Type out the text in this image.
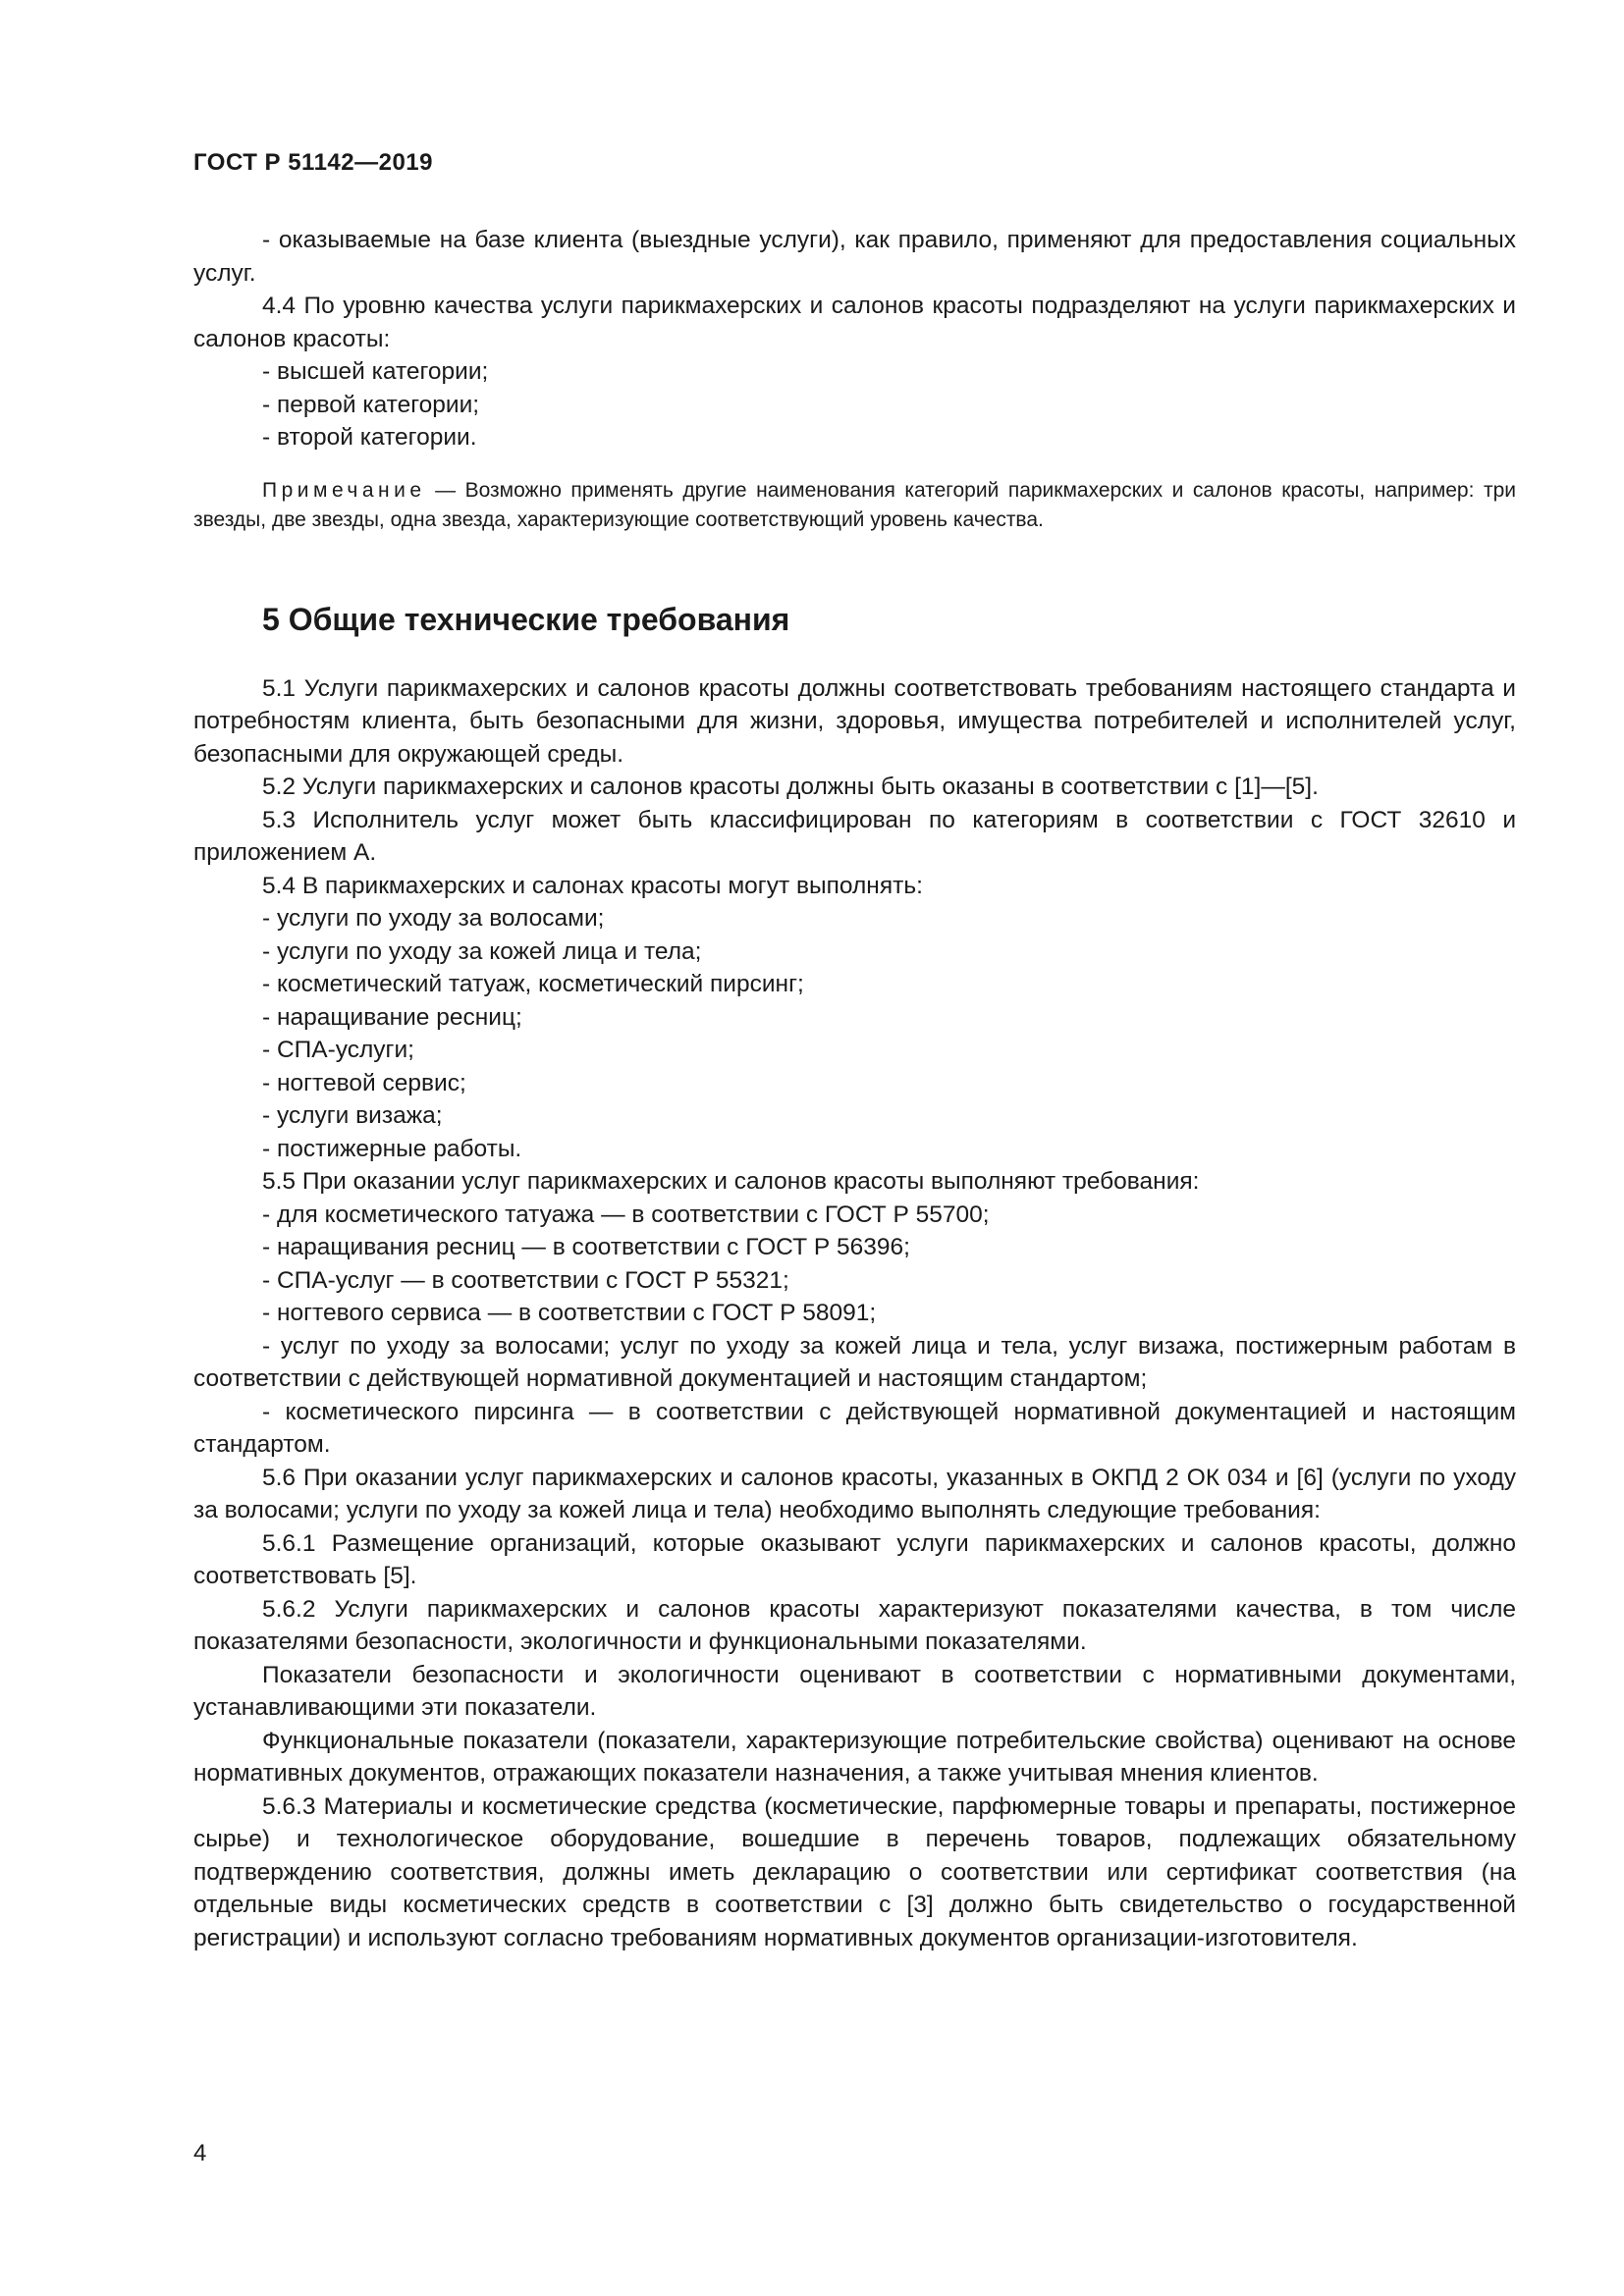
ГОСТ Р 51142—2019

- оказываемые на базе клиента (выездные услуги), как правило, применяют для предоставления социальных услуг.

4.4 По уровню качества услуги парикмахерских и салонов красоты подразделяют на услуги парикмахерских и салонов красоты:

- высшей категории;

- первой категории;

- второй категории.

Примечание — Возможно применять другие наименования категорий парикмахерских и салонов красоты, например: три звезды, две звезды, одна звезда, характеризующие соответствующий уровень качества.

5 Общие технические требования

5.1 Услуги парикмахерских и салонов красоты должны соответствовать требованиям настоящего стандарта и потребностям клиента, быть безопасными для жизни, здоровья, имущества потребителей и исполнителей услуг, безопасными для окружающей среды.

5.2 Услуги парикмахерских и салонов красоты должны быть оказаны в соответствии с [1]—[5].

5.3 Исполнитель услуг может быть классифицирован по категориям в соответствии с ГОСТ 32610 и приложением А.

5.4 В парикмахерских и салонах красоты могут выполнять:

- услуги по уходу за волосами;

- услуги по уходу за кожей лица и тела;

- косметический татуаж, косметический пирсинг;

- наращивание ресниц;

- СПА-услуги;

- ногтевой сервис;

- услуги визажа;

- постижерные работы.

5.5 При оказании услуг парикмахерских и салонов красоты выполняют требования:

- для косметического татуажа — в соответствии с ГОСТ Р 55700;

- наращивания ресниц — в соответствии с ГОСТ Р 56396;

- СПА-услуг — в соответствии с ГОСТ Р 55321;

- ногтевого сервиса — в соответствии с ГОСТ Р 58091;

- услуг по уходу за волосами; услуг по уходу за кожей лица и тела, услуг визажа, постижерным работам в соответствии с действующей нормативной документацией и настоящим стандартом;

- косметического пирсинга — в соответствии с действующей нормативной документацией и настоящим стандартом.

5.6 При оказании услуг парикмахерских и салонов красоты, указанных в ОКПД 2 ОК 034 и [6] (услуги по уходу за волосами; услуги по уходу за кожей лица и тела) необходимо выполнять следующие требования:

5.6.1 Размещение организаций, которые оказывают услуги парикмахерских и салонов красоты, должно соответствовать [5].

5.6.2 Услуги парикмахерских и салонов красоты характеризуют показателями качества, в том числе показателями безопасности, экологичности и функциональными показателями.

Показатели безопасности и экологичности оценивают в соответствии с нормативными документами, устанавливающими эти показатели.

Функциональные показатели (показатели, характеризующие потребительские свойства) оценивают на основе нормативных документов, отражающих показатели назначения, а также учитывая мнения клиентов.

5.6.3 Материалы и косметические средства (косметические, парфюмерные товары и препараты, постижерное сырье) и технологическое оборудование, вошедшие в перечень товаров, подлежащих обязательному подтверждению соответствия, должны иметь декларацию о соответствии или сертификат соответствия (на отдельные виды косметических средств в соответствии с [3] должно быть свидетельство о государственной регистрации) и используют согласно требованиям нормативных документов организации-изготовителя.

4
